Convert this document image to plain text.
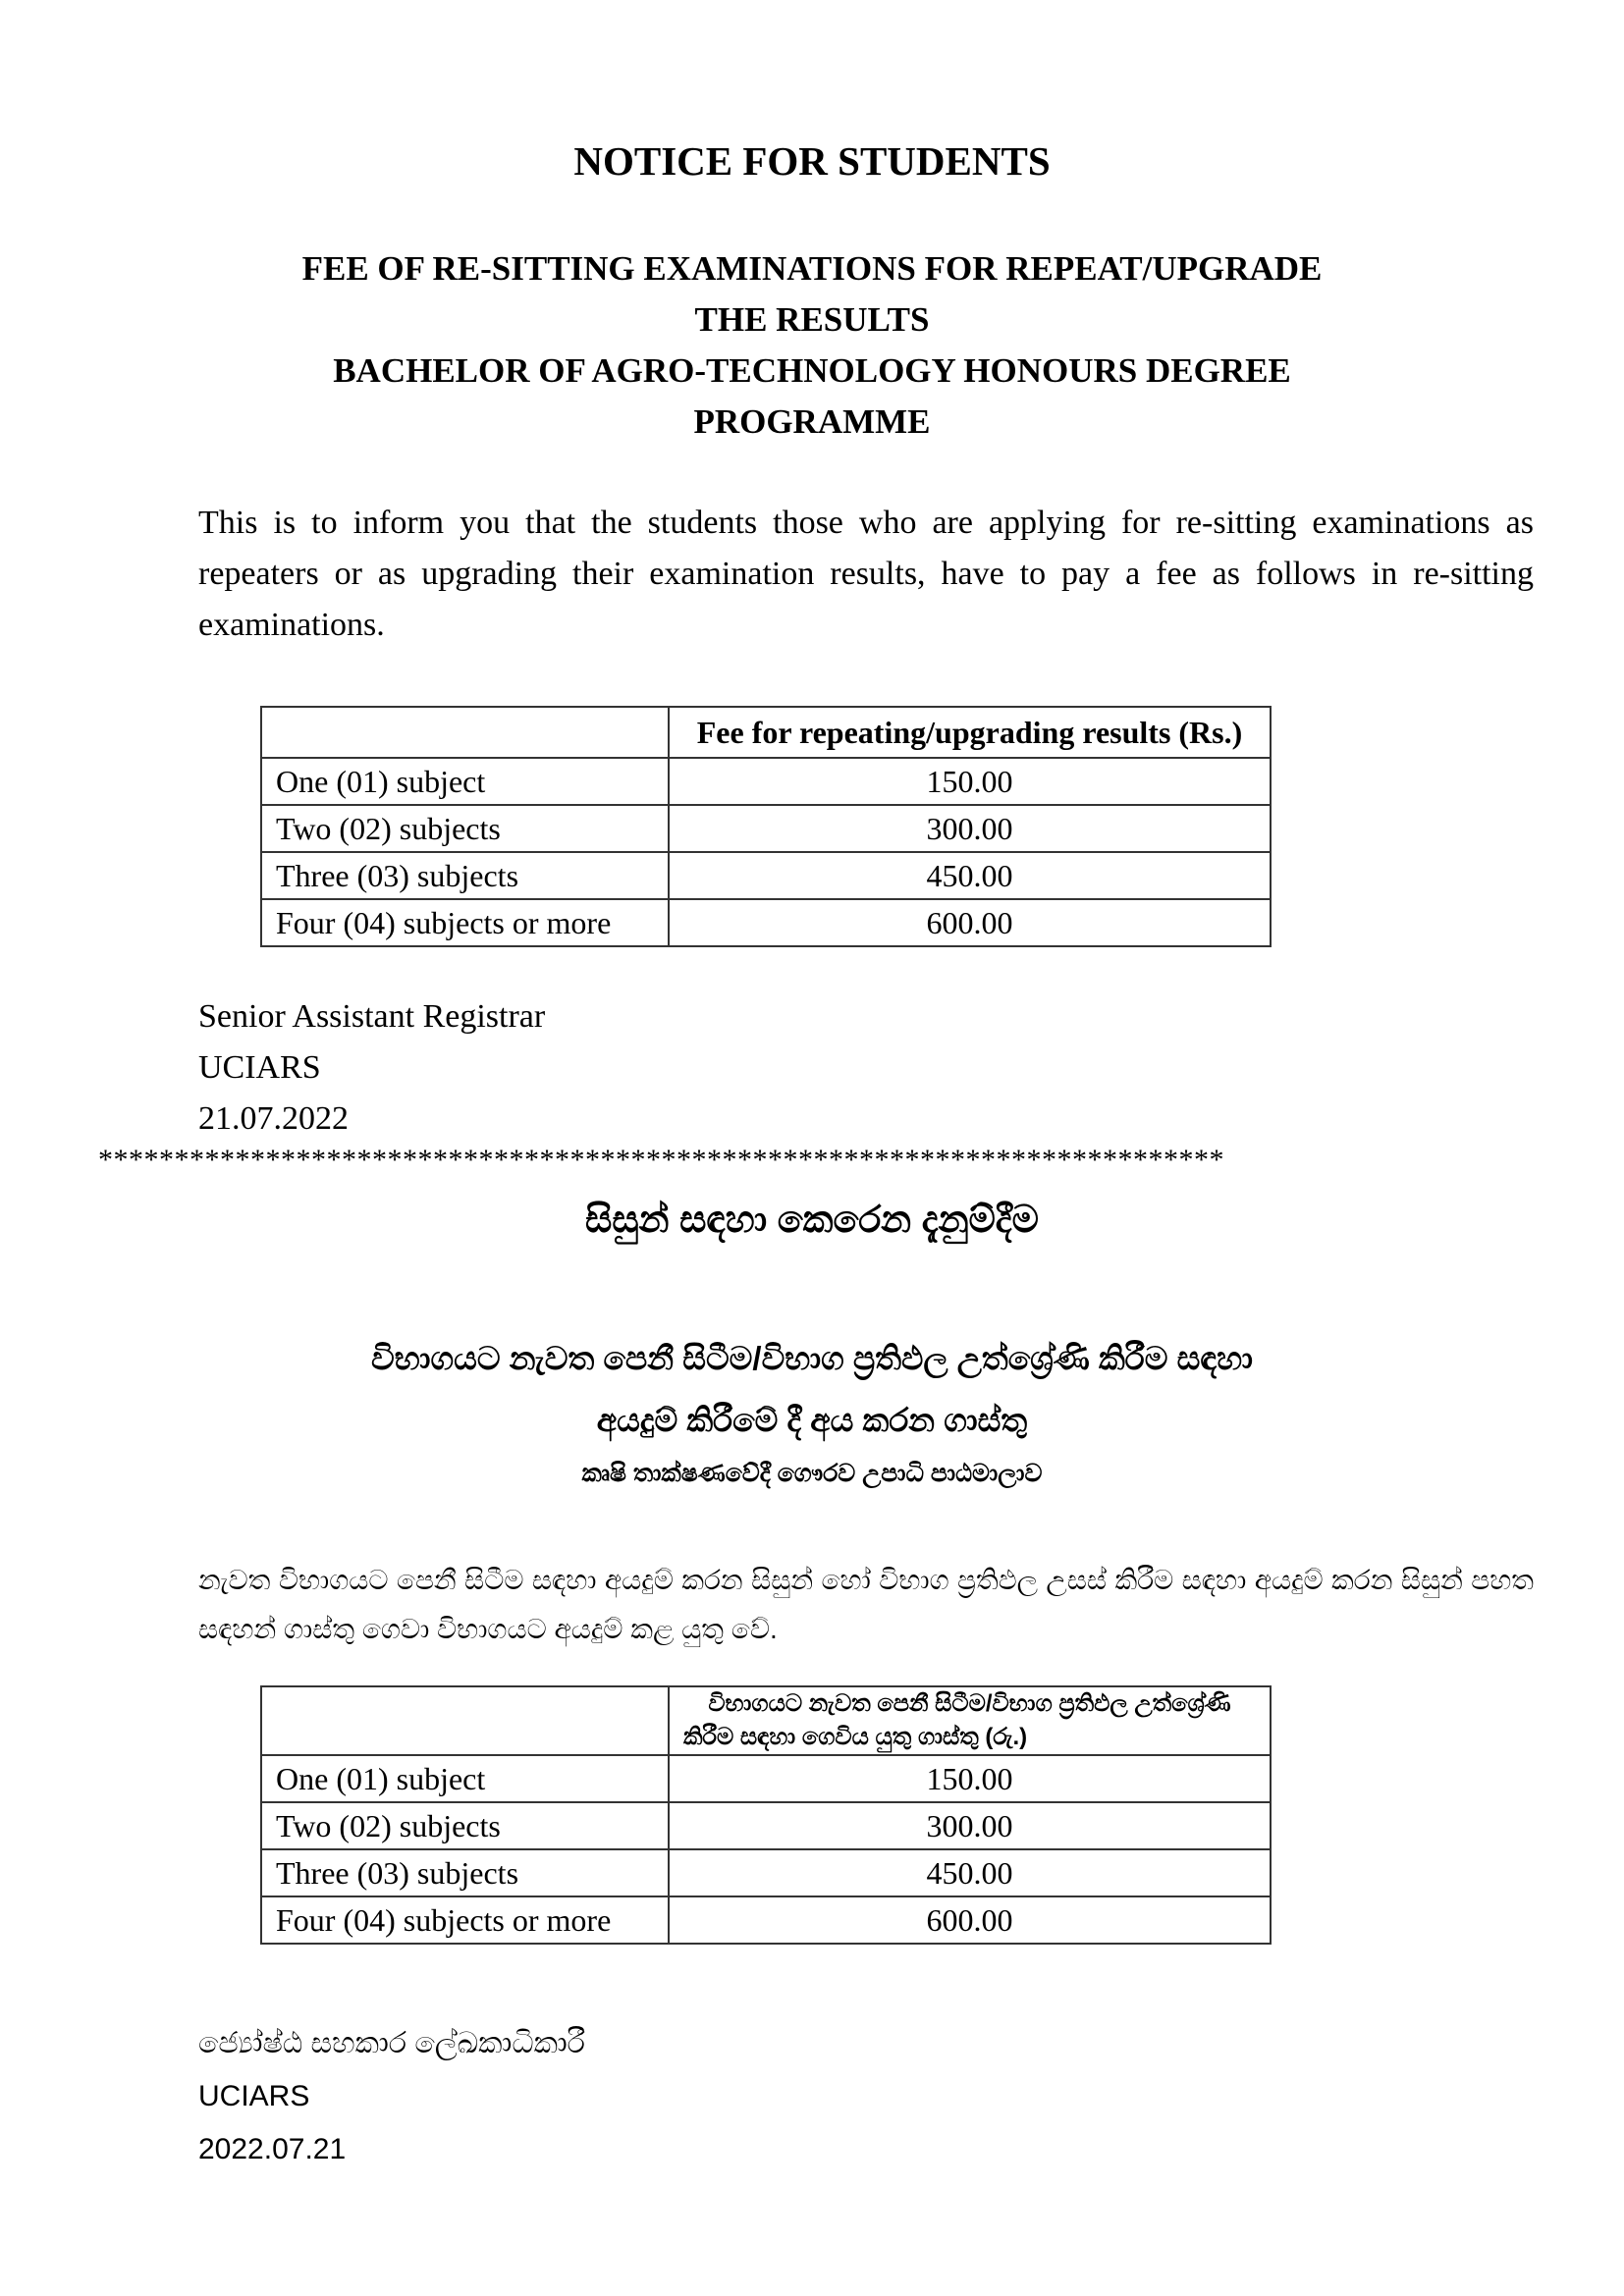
NOTICE FOR STUDENTS
FEE OF RE-SITTING EXAMINATIONS FOR REPEAT/UPGRADE
THE RESULTS
BACHELOR OF AGRO-TECHNOLOGY HONOURS DEGREE
PROGRAMME
This is to inform you that the students those who are applying for re-sitting examinations as repeaters or as upgrading their examination results, have to pay a fee as follows in re-sitting examinations.
	Fee for repeating/upgrading results (Rs.)
One (01) subject	150.00
Two (02) subjects	300.00
Three (03) subjects	450.00
Four (04) subjects or more	600.00
Senior Assistant Registrar
UCIARS
21.07.2022
**************************************************************************
සිසුන් සඳහා කෙරෙන දැනුම්දීම
විභාගයට නැවත පෙනී සිටීම/විභාග ප්‍රතිඵල උත්ශ්‍රේණි කිරීම සඳහා
අයදුම් කිරීමේ දී අය කරන ගාස්තු
කෘෂි තාක්ෂණවේදී ගෞරව උපාධි පාඨමාලාව
නැවත විභාගයට පෙනී සිටීම සඳහා අයදුම් කරන සිසුන් හෝ විභාග ප්‍රතිඵල උසස් කිරීම සඳහා අයදුම් කරන සිසුන් පහත සඳහන් ගාස්තු ගෙවා විභාගයට අයදුම් කළ යුතු වේ.
	විභාගයට නැවත පෙනී සිටීම/විභාග ප්‍රතිඵල උත්ශ්‍රේණි කිරීම සඳහා ගෙවිය යුතු ගාස්තු (රු.)
One (01) subject	150.00
Two (02) subjects	300.00
Three (03) subjects	450.00
Four (04) subjects or more	600.00
ජ්‍යෝෂ්ඨ සහකාර ලේඛකාධිකාරී
UCIARS
2022.07.21
